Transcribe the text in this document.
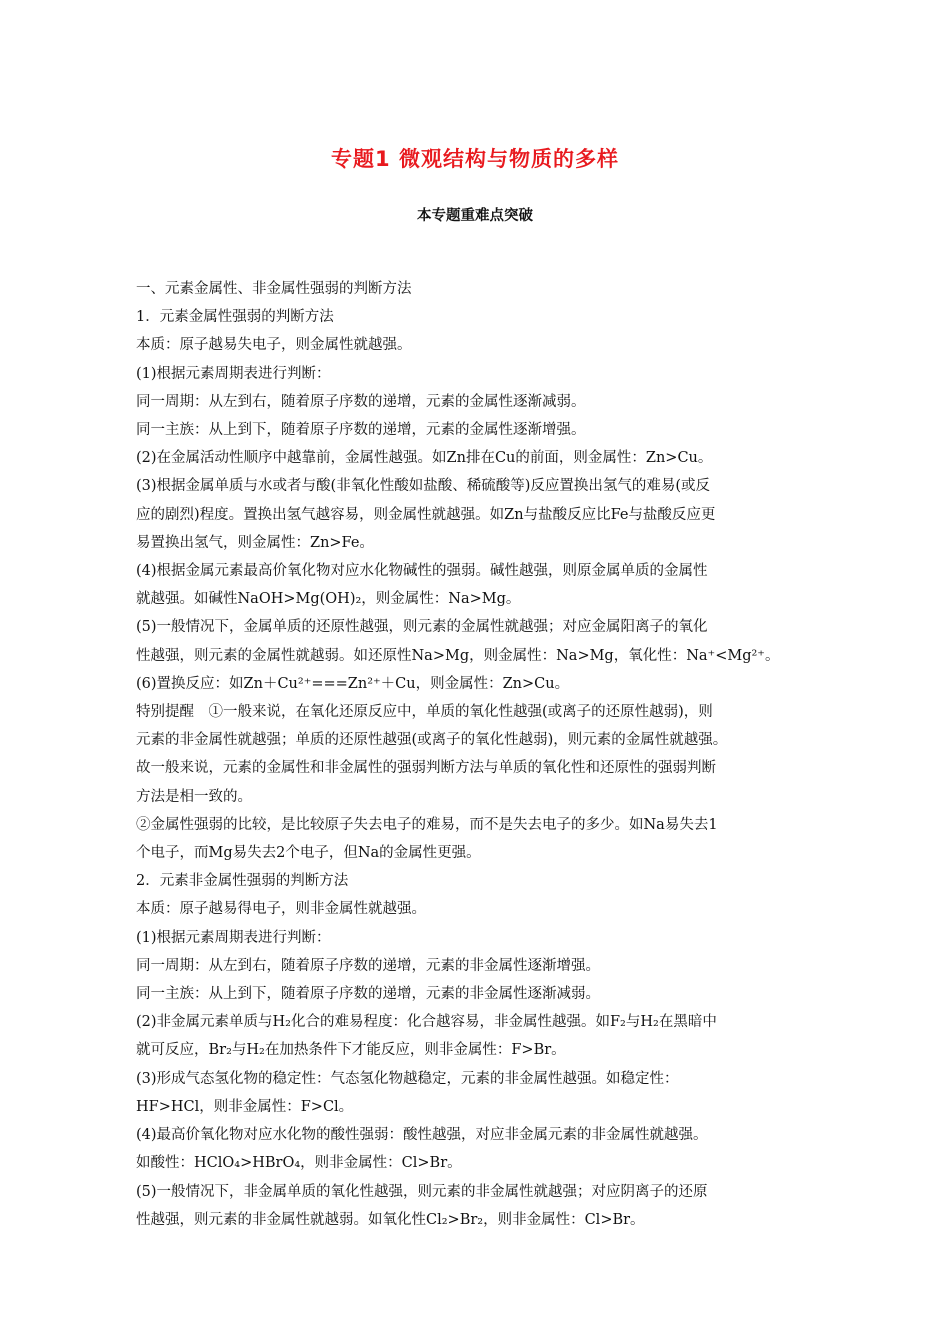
专题1 微观结构与物质的多样
本专题重难点突破

一、元素金属性、非金属性强弱的判断方法

1．元素金属性强弱的判断方法

本质：原子越易失电子，则金属性就越强。

(1)根据元素周期表进行判断：

同一周期：从左到右，随着原子序数的递增，元素的金属性逐渐减弱。

同一主族：从上到下，随着原子序数的递增，元素的金属性逐渐增强。

(2)在金属活动性顺序中越靠前，金属性越强。如Zn排在Cu的前面，则金属性：Zn>Cu。

(3)根据金属单质与水或者与酸(非氧化性酸如盐酸、稀硫酸等)反应置换出氢气的难易(或反

应的剧烈)程度。置换出氢气越容易，则金属性就越强。如Zn与盐酸反应比Fe与盐酸反应更

易置换出氢气，则金属性：Zn>Fe。

(4)根据金属元素最高价氧化物对应水化物碱性的强弱。碱性越强，则原金属单质的金属性

就越强。如碱性NaOH>Mg(OH)₂，则金属性：Na>Mg。

(5)一般情况下，金属单质的还原性越强，则元素的金属性就越强；对应金属阳离子的氧化

性越强，则元素的金属性就越弱。如还原性Na>Mg，则金属性：Na>Mg，氧化性：Na⁺<Mg²⁺。

(6)置换反应：如Zn＋Cu²⁺===Zn²⁺＋Cu，则金属性：Zn>Cu。

特别提醒　①一般来说，在氧化还原反应中，单质的氧化性越强(或离子的还原性越弱)，则

元素的非金属性就越强；单质的还原性越强(或离子的氧化性越弱)，则元素的金属性就越强。

故一般来说，元素的金属性和非金属性的强弱判断方法与单质的氧化性和还原性的强弱判断

方法是相一致的。

②金属性强弱的比较，是比较原子失去电子的难易，而不是失去电子的多少。如Na易失去1

个电子，而Mg易失去2个电子，但Na的金属性更强。

2．元素非金属性强弱的判断方法

本质：原子越易得电子，则非金属性就越强。

(1)根据元素周期表进行判断：

同一周期：从左到右，随着原子序数的递增，元素的非金属性逐渐增强。

同一主族：从上到下，随着原子序数的递增，元素的非金属性逐渐减弱。

(2)非金属元素单质与H₂化合的难易程度：化合越容易，非金属性越强。如F₂与H₂在黑暗中

就可反应，Br₂与H₂在加热条件下才能反应，则非金属性：F>Br。

(3)形成气态氢化物的稳定性：气态氢化物越稳定，元素的非金属性越强。如稳定性：

HF>HCl，则非金属性：F>Cl。

(4)最高价氧化物对应水化物的酸性强弱：酸性越强，对应非金属元素的非金属性就越强。

如酸性：HClO₄>HBrO₄，则非金属性：Cl>Br。

(5)一般情况下，非金属单质的氧化性越强，则元素的非金属性就越强；对应阴离子的还原

性越强，则元素的非金属性就越弱。如氧化性Cl₂>Br₂，则非金属性：Cl>Br。
